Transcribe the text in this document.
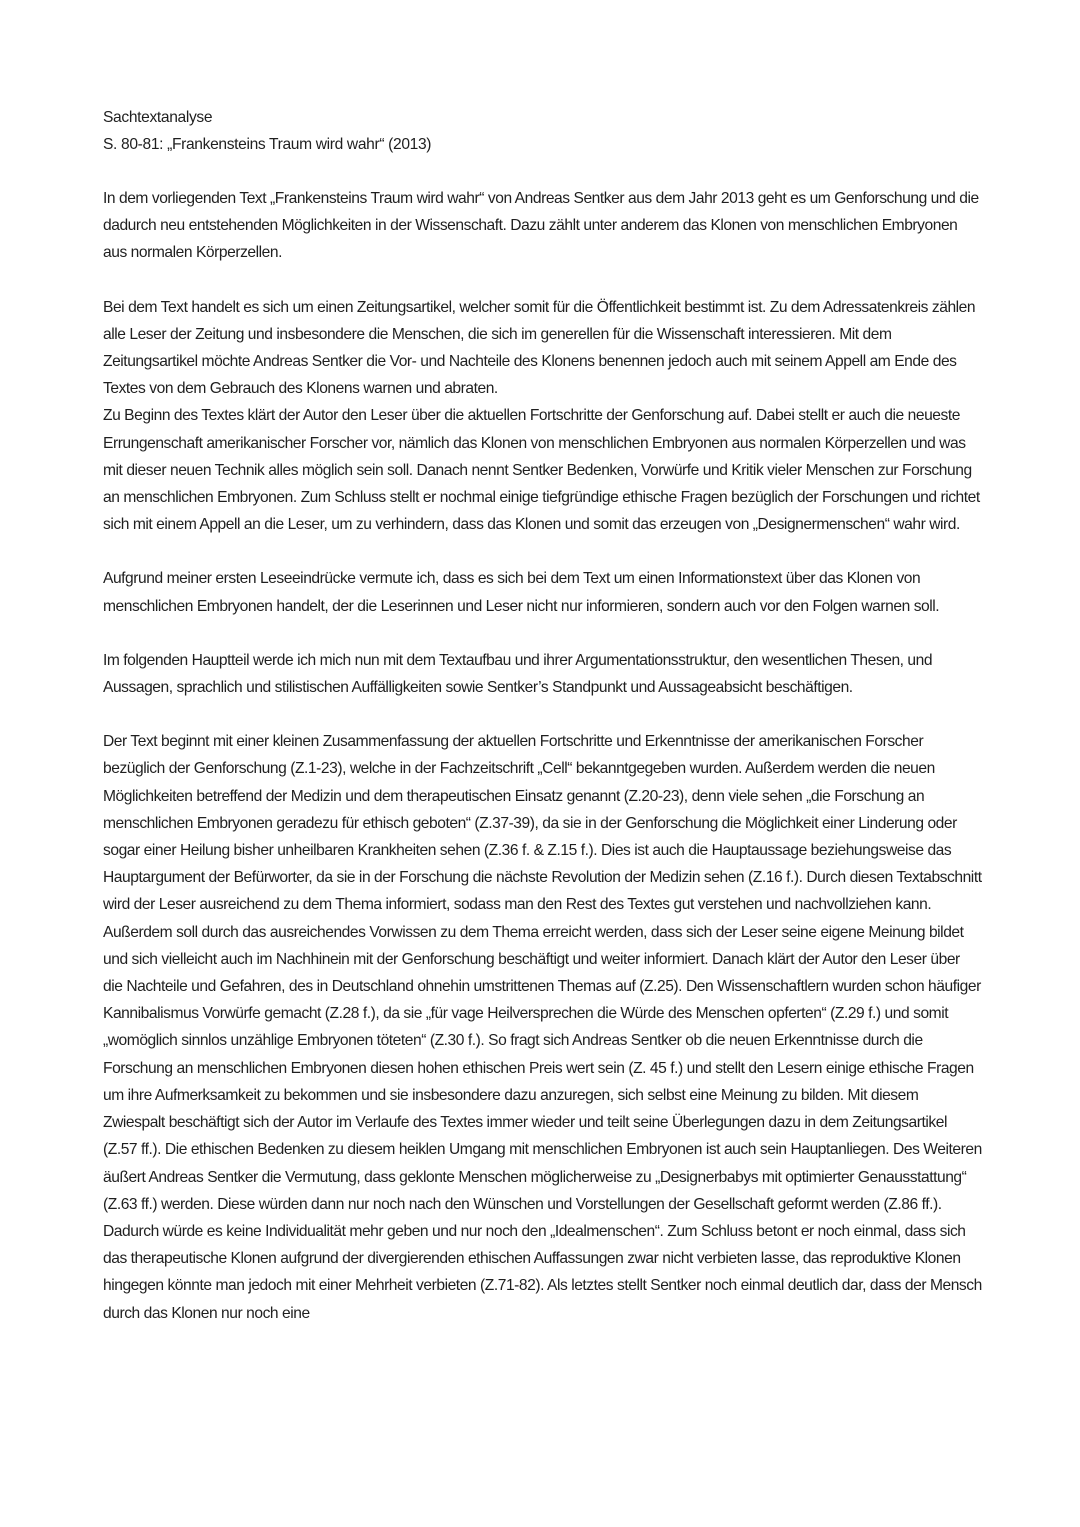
Sachtextanalyse

S. 80-81: „Frankensteins Traum wird wahr“ (2013)

In dem vorliegenden Text „Frankensteins Traum wird wahr“ von Andreas Sentker aus dem Jahr 2013 geht es um Genforschung und die dadurch neu entstehenden Möglichkeiten in der Wissenschaft. Dazu zählt unter anderem das Klonen von menschlichen Embryonen aus normalen Körperzellen.

Bei dem Text handelt es sich um einen Zeitungsartikel, welcher somit für die Öffentlichkeit bestimmt ist. Zu dem Adressatenkreis zählen alle Leser der Zeitung und insbesondere die Menschen, die sich im generellen für die Wissenschaft interessieren. Mit dem Zeitungsartikel möchte Andreas Sentker die Vor- und Nachteile des Klonens benennen jedoch auch mit seinem Appell am Ende des Textes von dem Gebrauch des Klonens warnen und abraten.

Zu Beginn des Textes klärt der Autor den Leser über die aktuellen Fortschritte der Genforschung auf. Dabei stellt er auch die neueste Errungenschaft amerikanischer Forscher vor, nämlich das Klonen von menschlichen Embryonen aus normalen Körperzellen und was mit dieser neuen Technik alles möglich sein soll. Danach nennt Sentker Bedenken, Vorwürfe und Kritik vieler Menschen zur Forschung an menschlichen Embryonen. Zum Schluss stellt er nochmal einige tiefgründige ethische Fragen bezüglich der Forschungen und richtet sich mit einem Appell an die Leser, um zu verhindern, dass das Klonen und somit das erzeugen von „Designermenschen“ wahr wird.

Aufgrund meiner ersten Leseeindrücke vermute ich, dass es sich bei dem Text um einen Informationstext über das Klonen von menschlichen Embryonen handelt, der die Leserinnen und Leser nicht nur informieren, sondern auch vor den Folgen warnen soll.

Im folgenden Hauptteil werde ich mich nun mit dem Textaufbau und ihrer Argumentationsstruktur, den wesentlichen Thesen, und Aussagen, sprachlich und stilistischen Auffälligkeiten sowie Sentker’s Standpunkt und Aussageabsicht beschäftigen.

Der Text beginnt mit einer kleinen Zusammenfassung der aktuellen Fortschritte und Erkenntnisse der amerikanischen Forscher bezüglich der Genforschung (Z.1-23), welche in der Fachzeitschrift „Cell“ bekanntgegeben wurden. Außerdem werden die neuen Möglichkeiten betreffend der Medizin und dem therapeutischen Einsatz genannt (Z.20-23), denn viele sehen „die Forschung an menschlichen Embryonen geradezu für ethisch geboten“ (Z.37-39), da sie in der Genforschung die Möglichkeit einer Linderung oder sogar einer Heilung bisher unheilbaren Krankheiten sehen (Z.36 f. & Z.15 f.). Dies ist auch die Hauptaussage beziehungsweise das Hauptargument der Befürworter, da sie in der Forschung die nächste Revolution der Medizin sehen (Z.16 f.). Durch diesen Textabschnitt wird der Leser ausreichend zu dem Thema informiert, sodass man den Rest des Textes gut verstehen und nachvollziehen kann. Außerdem soll durch das ausreichendes Vorwissen zu dem Thema erreicht werden, dass sich der Leser seine eigene Meinung bildet und sich vielleicht auch im Nachhinein mit der Genforschung beschäftigt und weiter informiert. Danach klärt der Autor den Leser über die Nachteile und Gefahren, des in Deutschland ohnehin umstrittenen Themas auf (Z.25). Den Wissenschaftlern wurden schon häufiger Kannibalismus Vorwürfe gemacht (Z.28 f.), da sie „für vage Heilversprechen die Würde des Menschen opferten“ (Z.29 f.) und somit „womöglich sinnlos unzählige Embryonen töteten“ (Z.30 f.). So fragt sich Andreas Sentker ob die neuen Erkenntnisse durch die Forschung an menschlichen Embryonen diesen hohen ethischen Preis wert sein (Z. 45 f.) und stellt den Lesern einige ethische Fragen um ihre Aufmerksamkeit zu bekommen und sie insbesondere dazu anzuregen, sich selbst eine Meinung zu bilden. Mit diesem Zwiespalt beschäftigt sich der Autor im Verlaufe des Textes immer wieder und teilt seine Überlegungen dazu in dem Zeitungsartikel (Z.57 ff.). Die ethischen Bedenken zu diesem heiklen Umgang mit menschlichen Embryonen ist auch sein Hauptanliegen. Des Weiteren äußert Andreas Sentker die Vermutung, dass geklonte Menschen möglicherweise zu „Designerbabys mit optimierter Genausstattung“ (Z.63 ff.) werden. Diese würden dann nur noch nach den Wünschen und Vorstellungen der Gesellschaft geformt werden (Z.86 ff.). Dadurch würde es keine Individualität mehr geben und nur noch den „Idealmenschen“. Zum Schluss betont er noch einmal, dass sich das therapeutische Klonen aufgrund der divergierenden ethischen Auffassungen zwar nicht verbieten lasse, das reproduktive Klonen hingegen könnte man jedoch mit einer Mehrheit verbieten (Z.71-82). Als letztes stellt Sentker noch einmal deutlich dar, dass der Mensch durch das Klonen nur noch eine
